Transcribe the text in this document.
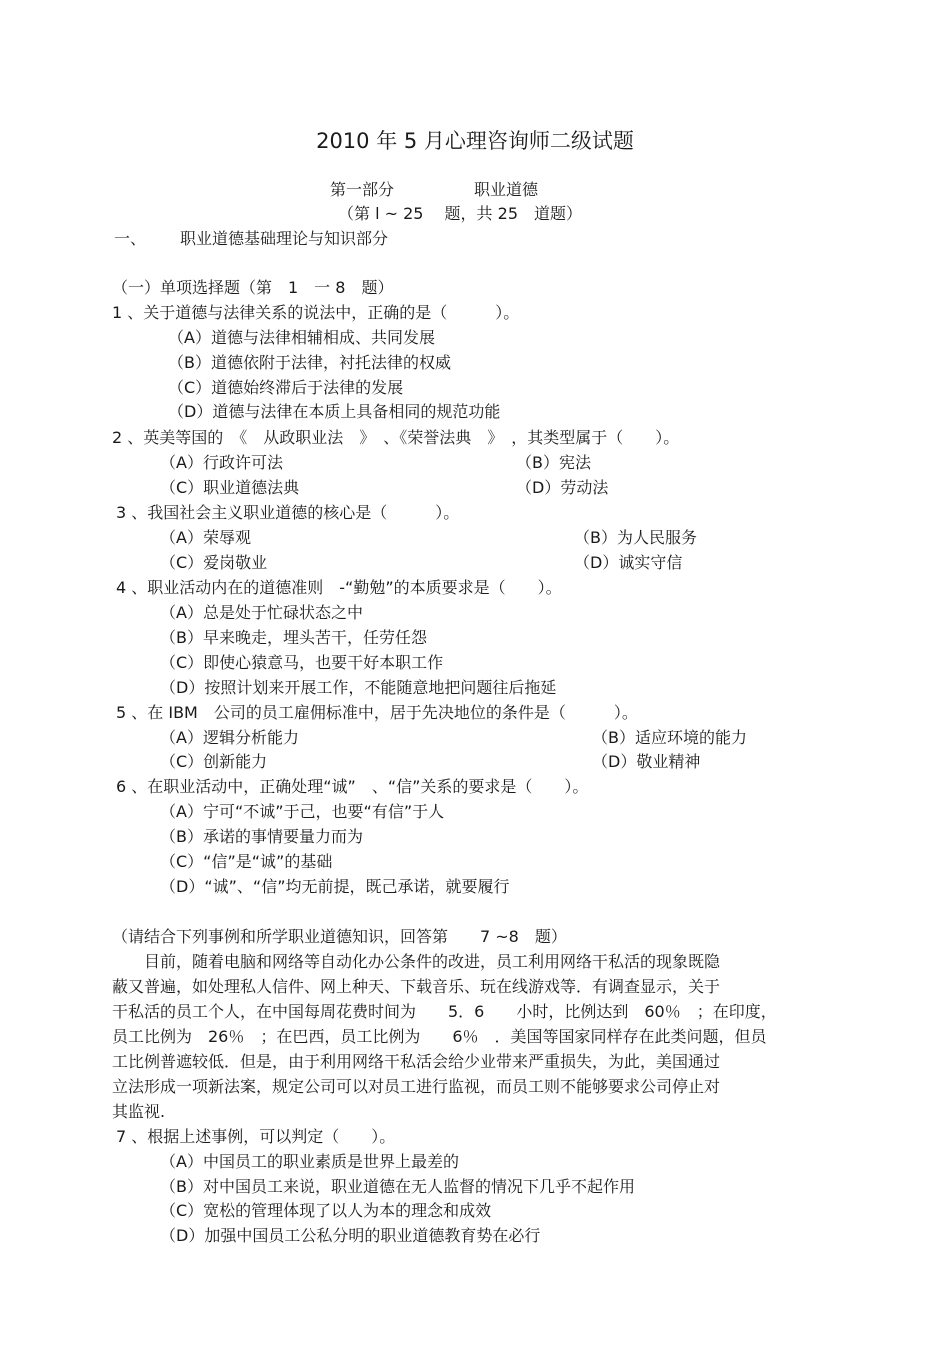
2010 年 5 月心理咨询师二级试题
第一部分	职业道德
（第 l ~ 25　 题，共 25　道题）
一、 职业道德基础理论与知识部分
（一）单项选择题（第　1　一 8　题）
1 、关于道德与法律关系的说法中，正确的是（　　　）。
（A）道德与法律相辅相成、共同发展
（B）道德依附于法律，衬托法律的权威
（C）道德始终滞后于法律的发展
（D）道德与法律在本质上具备相同的规范功能
2 、英美等国的　《　从政职业法　》　、《荣誉法典　》　，其类型属于（　　）。
（A）行政许可法	（B）宪法
（C）职业道德法典	（D）劳动法
3 、我国社会主义职业道德的核心是（　　　）。
（A）荣辱观	（B）为人民服务
（C）爱岗敬业	（D）诚实守信
4 、职业活动内在的道德准则　-“勤勉”的本质要求是（　　）。
（A）总是处于忙碌状态之中
（B）早来晚走，埋头苦干，任劳任怨
（C）即使心猿意马，也要干好本职工作
（D）按照计划来开展工作，不能随意地把问题往后拖延
5 、在 IBM　公司的员工雇佣标准中，居于先决地位的条件是（　　　）。
（A）逻辑分析能力	（B）适应环境的能力
（C）创新能力	（D）敬业精神
6 、在职业活动中，正确处理“诚”　、“信”关系的要求是（　　）。
（A）宁可“不诚”于己，也要“有信”于人
（B）承诺的事情要量力而为
（C）“信”是“诚”的基础
（D）“诚”、“信”均无前提，既己承诺，就要履行
（请结合下列事例和所学职业道德知识，回答第　　7 ~8　题）
　　目前，随着电脑和网络等自动化办公条件的改进，员工利用网络干私活的现象既隐
蔽又普遍，如处理私人信件、网上种天、下载音乐、玩在线游戏等．有调查显示，关于
干私活的员工个人，在中国每周花费时间为　　5．6　　小时，比例达到　60％　；在印度，
员工比例为　26％　；在巴西，员工比例为　　6％　．美国等国家同样存在此类问题，但员
工比例普遮较低．但是，由于利用网络干私活会给少业带来严重损失，为此，美国通过
立法形成一项新法案，规定公司可以对员工进行监视，而员工则不能够要求公司停止对
其监视.
7 、根据上述事例，可以判定（　　）。
（A）中国员工的职业素质是世界上最差的
（B）对中国员工来说，职业道德在无人监督的情况下几乎不起作用
（C）宽松的管理体现了以人为本的理念和成效
（D）加强中国员工公私分明的职业道德教育势在必行
